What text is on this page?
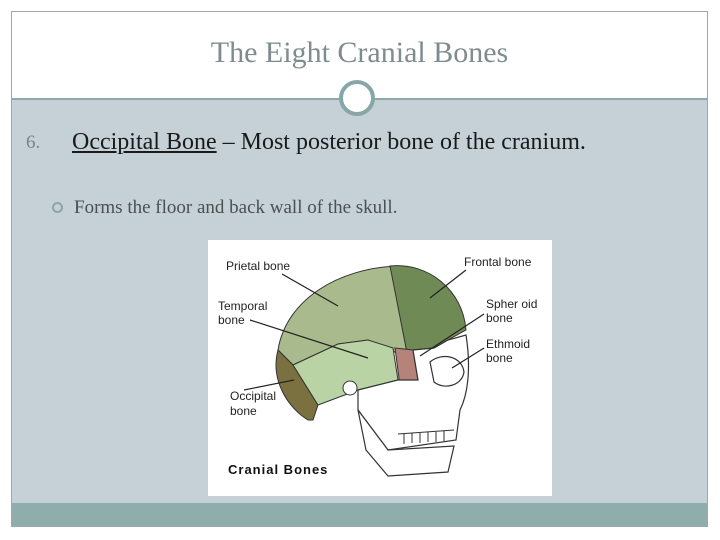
The Eight Cranial Bones
6. Occipital Bone – Most posterior bone of the cranium.
Forms the floor and back wall of the skull.
Prietal bone	Frontal bone
Temporal
bone
Spher oid
bone
Ethmoid
bone
Occipital
bone
Cranial Bones
